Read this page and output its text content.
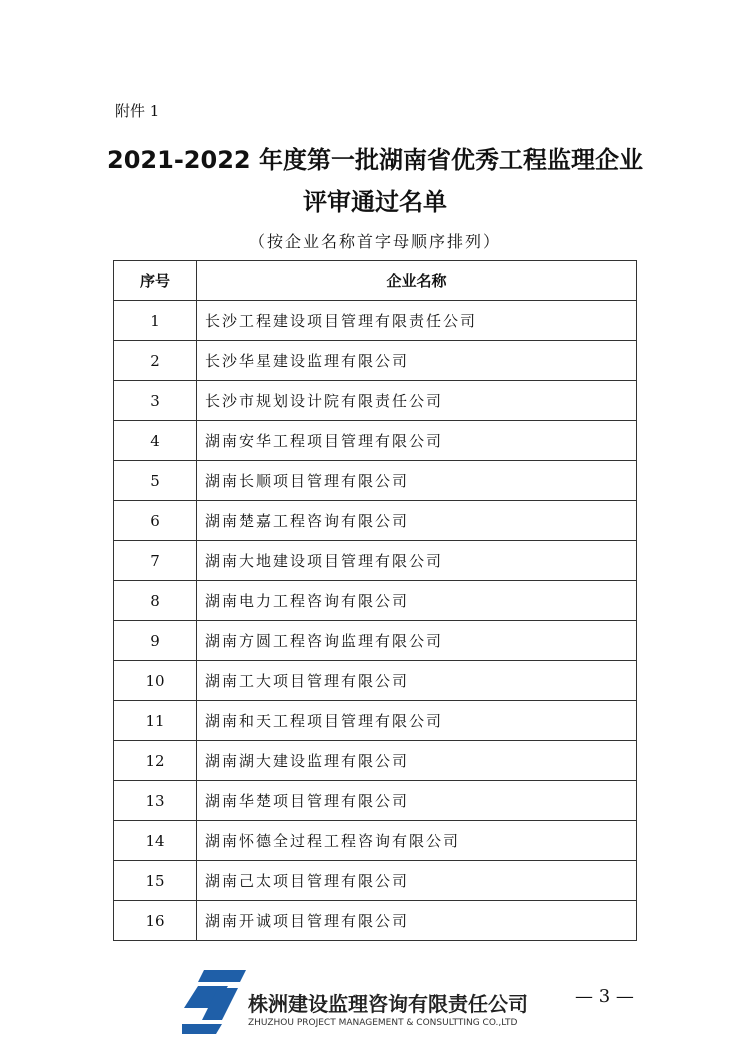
附件 1
2021-2022 年度第一批湖南省优秀工程监理企业
评审通过名单
（按企业名称首字母顺序排列）
序号	企业名称
1	长沙工程建设项目管理有限责任公司
2	长沙华星建设监理有限公司
3	长沙市规划设计院有限责任公司
4	湖南安华工程项目管理有限公司
5	湖南长顺项目管理有限公司
6	湖南楚嘉工程咨询有限公司
7	湖南大地建设项目管理有限公司
8	湖南电力工程咨询有限公司
9	湖南方圆工程咨询监理有限公司
10	湖南工大项目管理有限公司
11	湖南和天工程项目管理有限公司
12	湖南湖大建设监理有限公司
13	湖南华楚项目管理有限公司
14	湖南怀德全过程工程咨询有限公司
15	湖南己太项目管理有限公司
16	湖南开诚项目管理有限公司
株洲建设监理咨询有限责任公司
ZHUZHOU PROJECT MANAGEMENT & CONSULTTING CO.,LTD
— 3 —
